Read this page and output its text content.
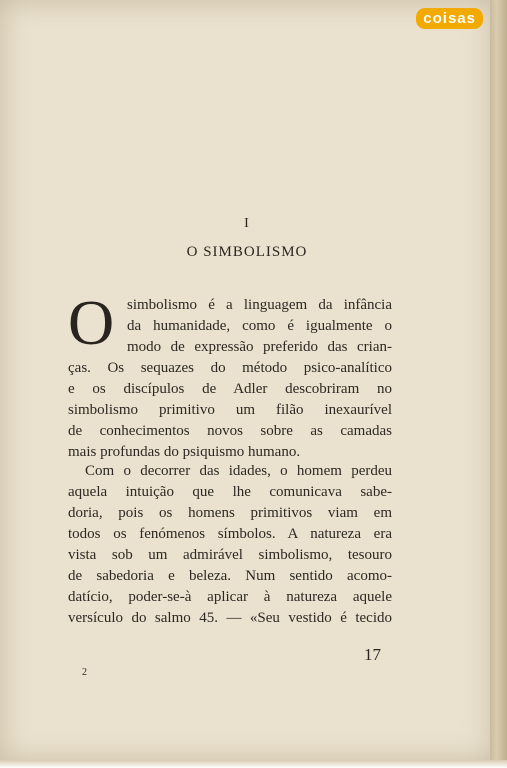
coisas
I
O SIMBOLISMO
O simbolismo é a linguagem da infância
da humanidade, como é igualmente o
modo de expressão preferido das crian-
ças. Os sequazes do método psico-analítico
e os discípulos de Adler descobriram no
simbolismo primitivo um filão inexaurível
de conhecimentos novos sobre as camadas
mais profundas do psiquismo humano.
Com o decorrer das idades, o homem perdeu
aquela intuição que lhe comunicava sabe-
doria, pois os homens primitivos viam em
todos os fenómenos símbolos. A natureza era
vista sob um admirável simbolismo, tesouro
de sabedoria e beleza. Num sentido acomo-
datício, poder-se-à aplicar à natureza aquele
versículo do salmo 45. — «Seu vestido é tecido
17
2
